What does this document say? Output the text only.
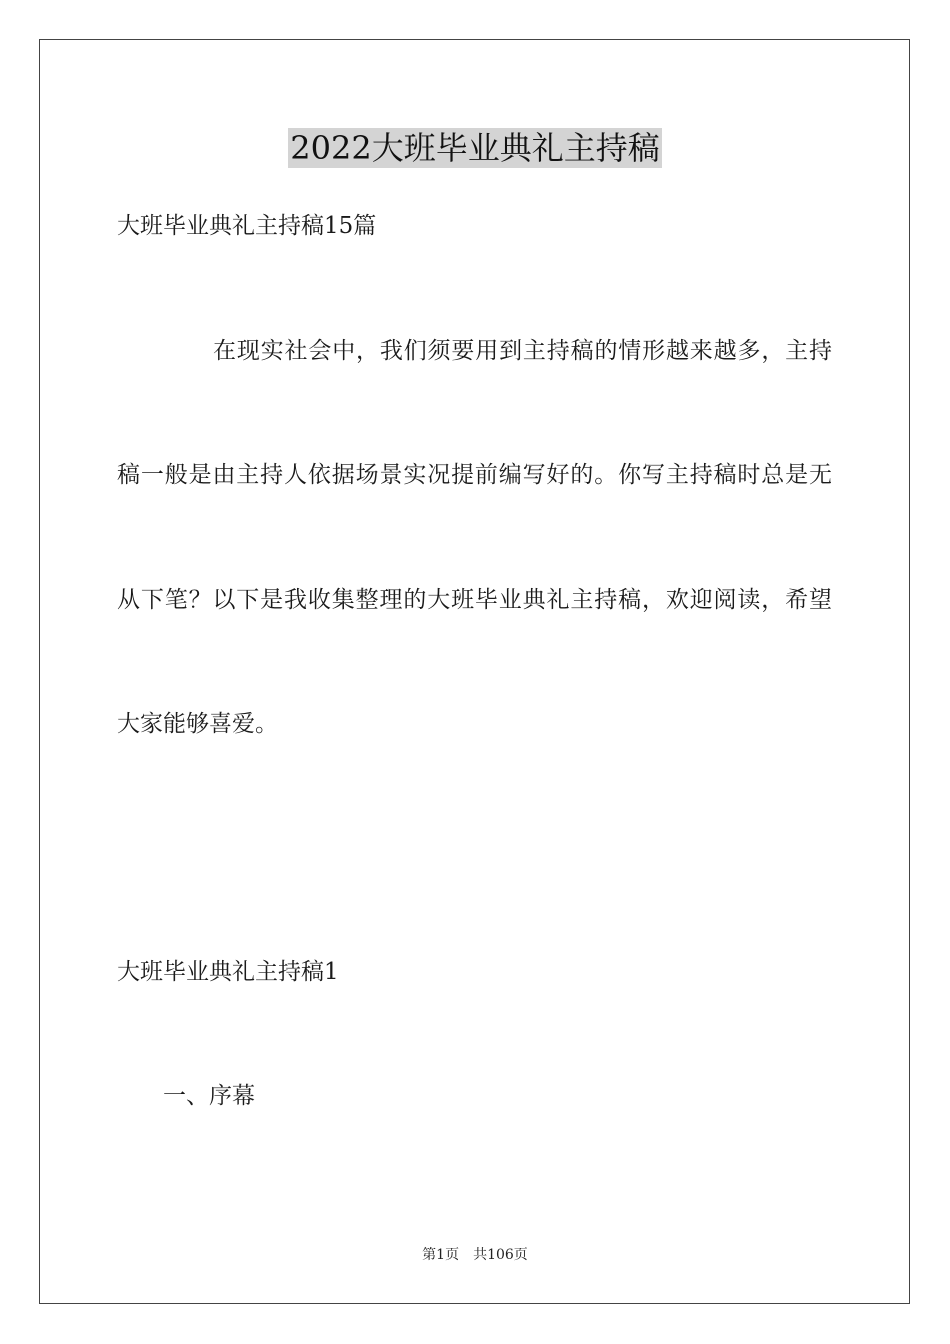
2022大班毕业典礼主持稿
大班毕业典礼主持稿15篇
在现实社会中，我们须要用到主持稿的情形越来越多，主持
稿一般是由主持人依据场景实况提前编写好的。你写主持稿时总是无
从下笔？以下是我收集整理的大班毕业典礼主持稿，欢迎阅读，希望
大家能够喜爱。
大班毕业典礼主持稿1
一、序幕
第1页　共106页
